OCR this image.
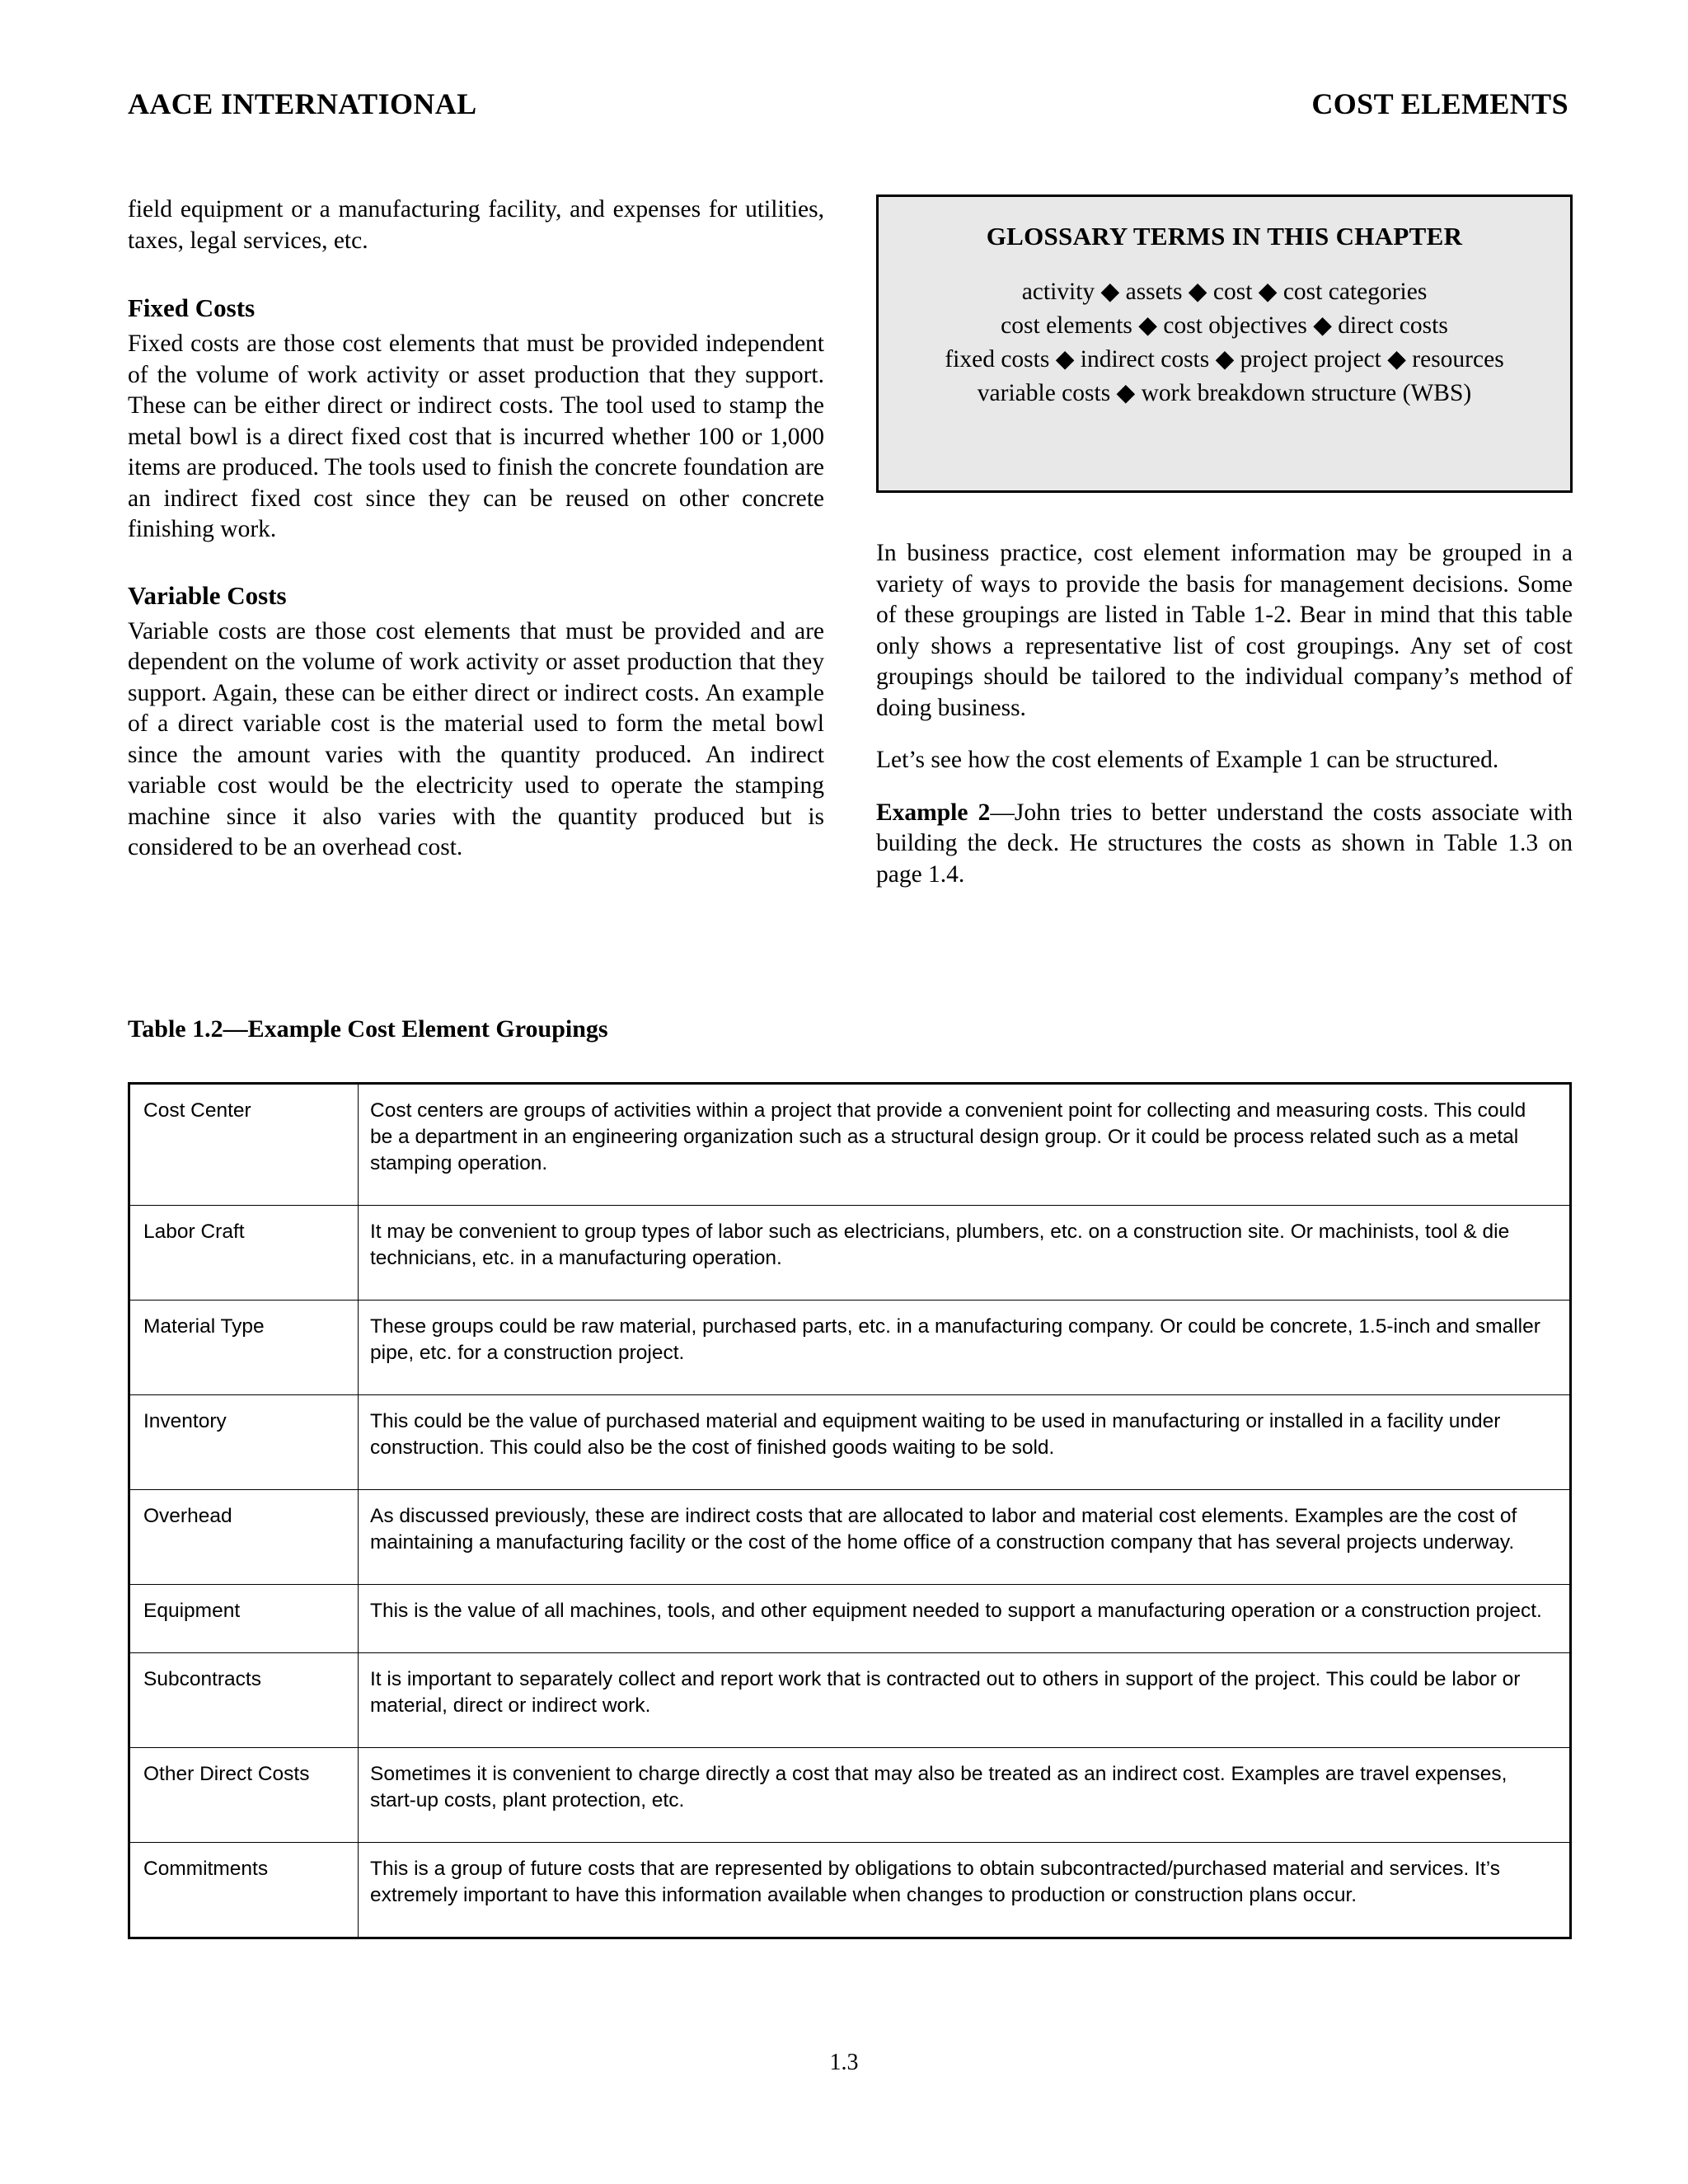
AACE INTERNATIONAL	COST ELEMENTS

field equipment or a manufacturing facility, and expenses for utilities, taxes, legal services, etc.

Fixed Costs

Fixed costs are those cost elements that must be provided independent of the volume of work activity or asset production that they support. These can be either direct or indirect costs. The tool used to stamp the metal bowl is a direct fixed cost that is incurred whether 100 or 1,000 items are produced. The tools used to finish the concrete foundation are an indirect fixed cost since they can be reused on other concrete finishing work.

Variable Costs

Variable costs are those cost elements that must be provided and are dependent on the volume of work activity or asset production that they support. Again, these can be either direct or indirect costs. An example of a direct variable cost is the material used to form the metal bowl since the amount varies with the quantity produced. An indirect variable cost would be the electricity used to operate the stamping machine since it also varies with the quantity produced but is considered to be an overhead cost.

GLOSSARY TERMS IN THIS CHAPTER
activity ◆ assets ◆ cost ◆ cost categories
cost elements ◆ cost objectives ◆ direct costs
fixed costs ◆ indirect costs ◆ project project ◆ resources
variable costs ◆ work breakdown structure (WBS)

In business practice, cost element information may be grouped in a variety of ways to provide the basis for management decisions. Some of these groupings are listed in Table 1-2. Bear in mind that this table only shows a representative list of cost groupings. Any set of cost groupings should be tailored to the individual company’s method of doing business.

Let’s see how the cost elements of Example 1 can be structured.

Example 2—John tries to better understand the costs associate with building the deck. He structures the costs as shown in Table 1.3 on page 1.4.

Table 1.2—Example Cost Element Groupings
Cost Center	Cost centers are groups of activities within a project that provide a convenient point for collecting and measuring costs. This could be a department in an engineering organization such as a structural design group. Or it could be process related such as a metal stamping operation.
Labor Craft	It may be convenient to group types of labor such as electricians, plumbers, etc. on a construction site. Or machinists, tool & die technicians, etc. in a manufacturing operation.
Material Type	These groups could be raw material, purchased parts, etc. in a manufacturing company. Or could be concrete, 1.5-inch and smaller pipe, etc. for a construction project.
Inventory	This could be the value of purchased material and equipment waiting to be used in manufacturing or installed in a facility under construction. This could also be the cost of finished goods waiting to be sold.
Overhead	As discussed previously, these are indirect costs that are allocated to labor and material cost elements. Examples are the cost of maintaining a manufacturing facility or the cost of the home office of a construction company that has several projects underway.
Equipment	This is the value of all machines, tools, and other equipment needed to support a manufacturing operation or a construction project.
Subcontracts	It is important to separately collect and report work that is contracted out to others in support of the project. This could be labor or material, direct or indirect work.
Other Direct Costs	Sometimes it is convenient to charge directly a cost that may also be treated as an indirect cost. Examples are travel expenses, start-up costs, plant protection, etc.
Commitments	This is a group of future costs that are represented by obligations to obtain subcontracted/purchased material and services. It’s extremely important to have this information available when changes to production or construction plans occur.
1.3
